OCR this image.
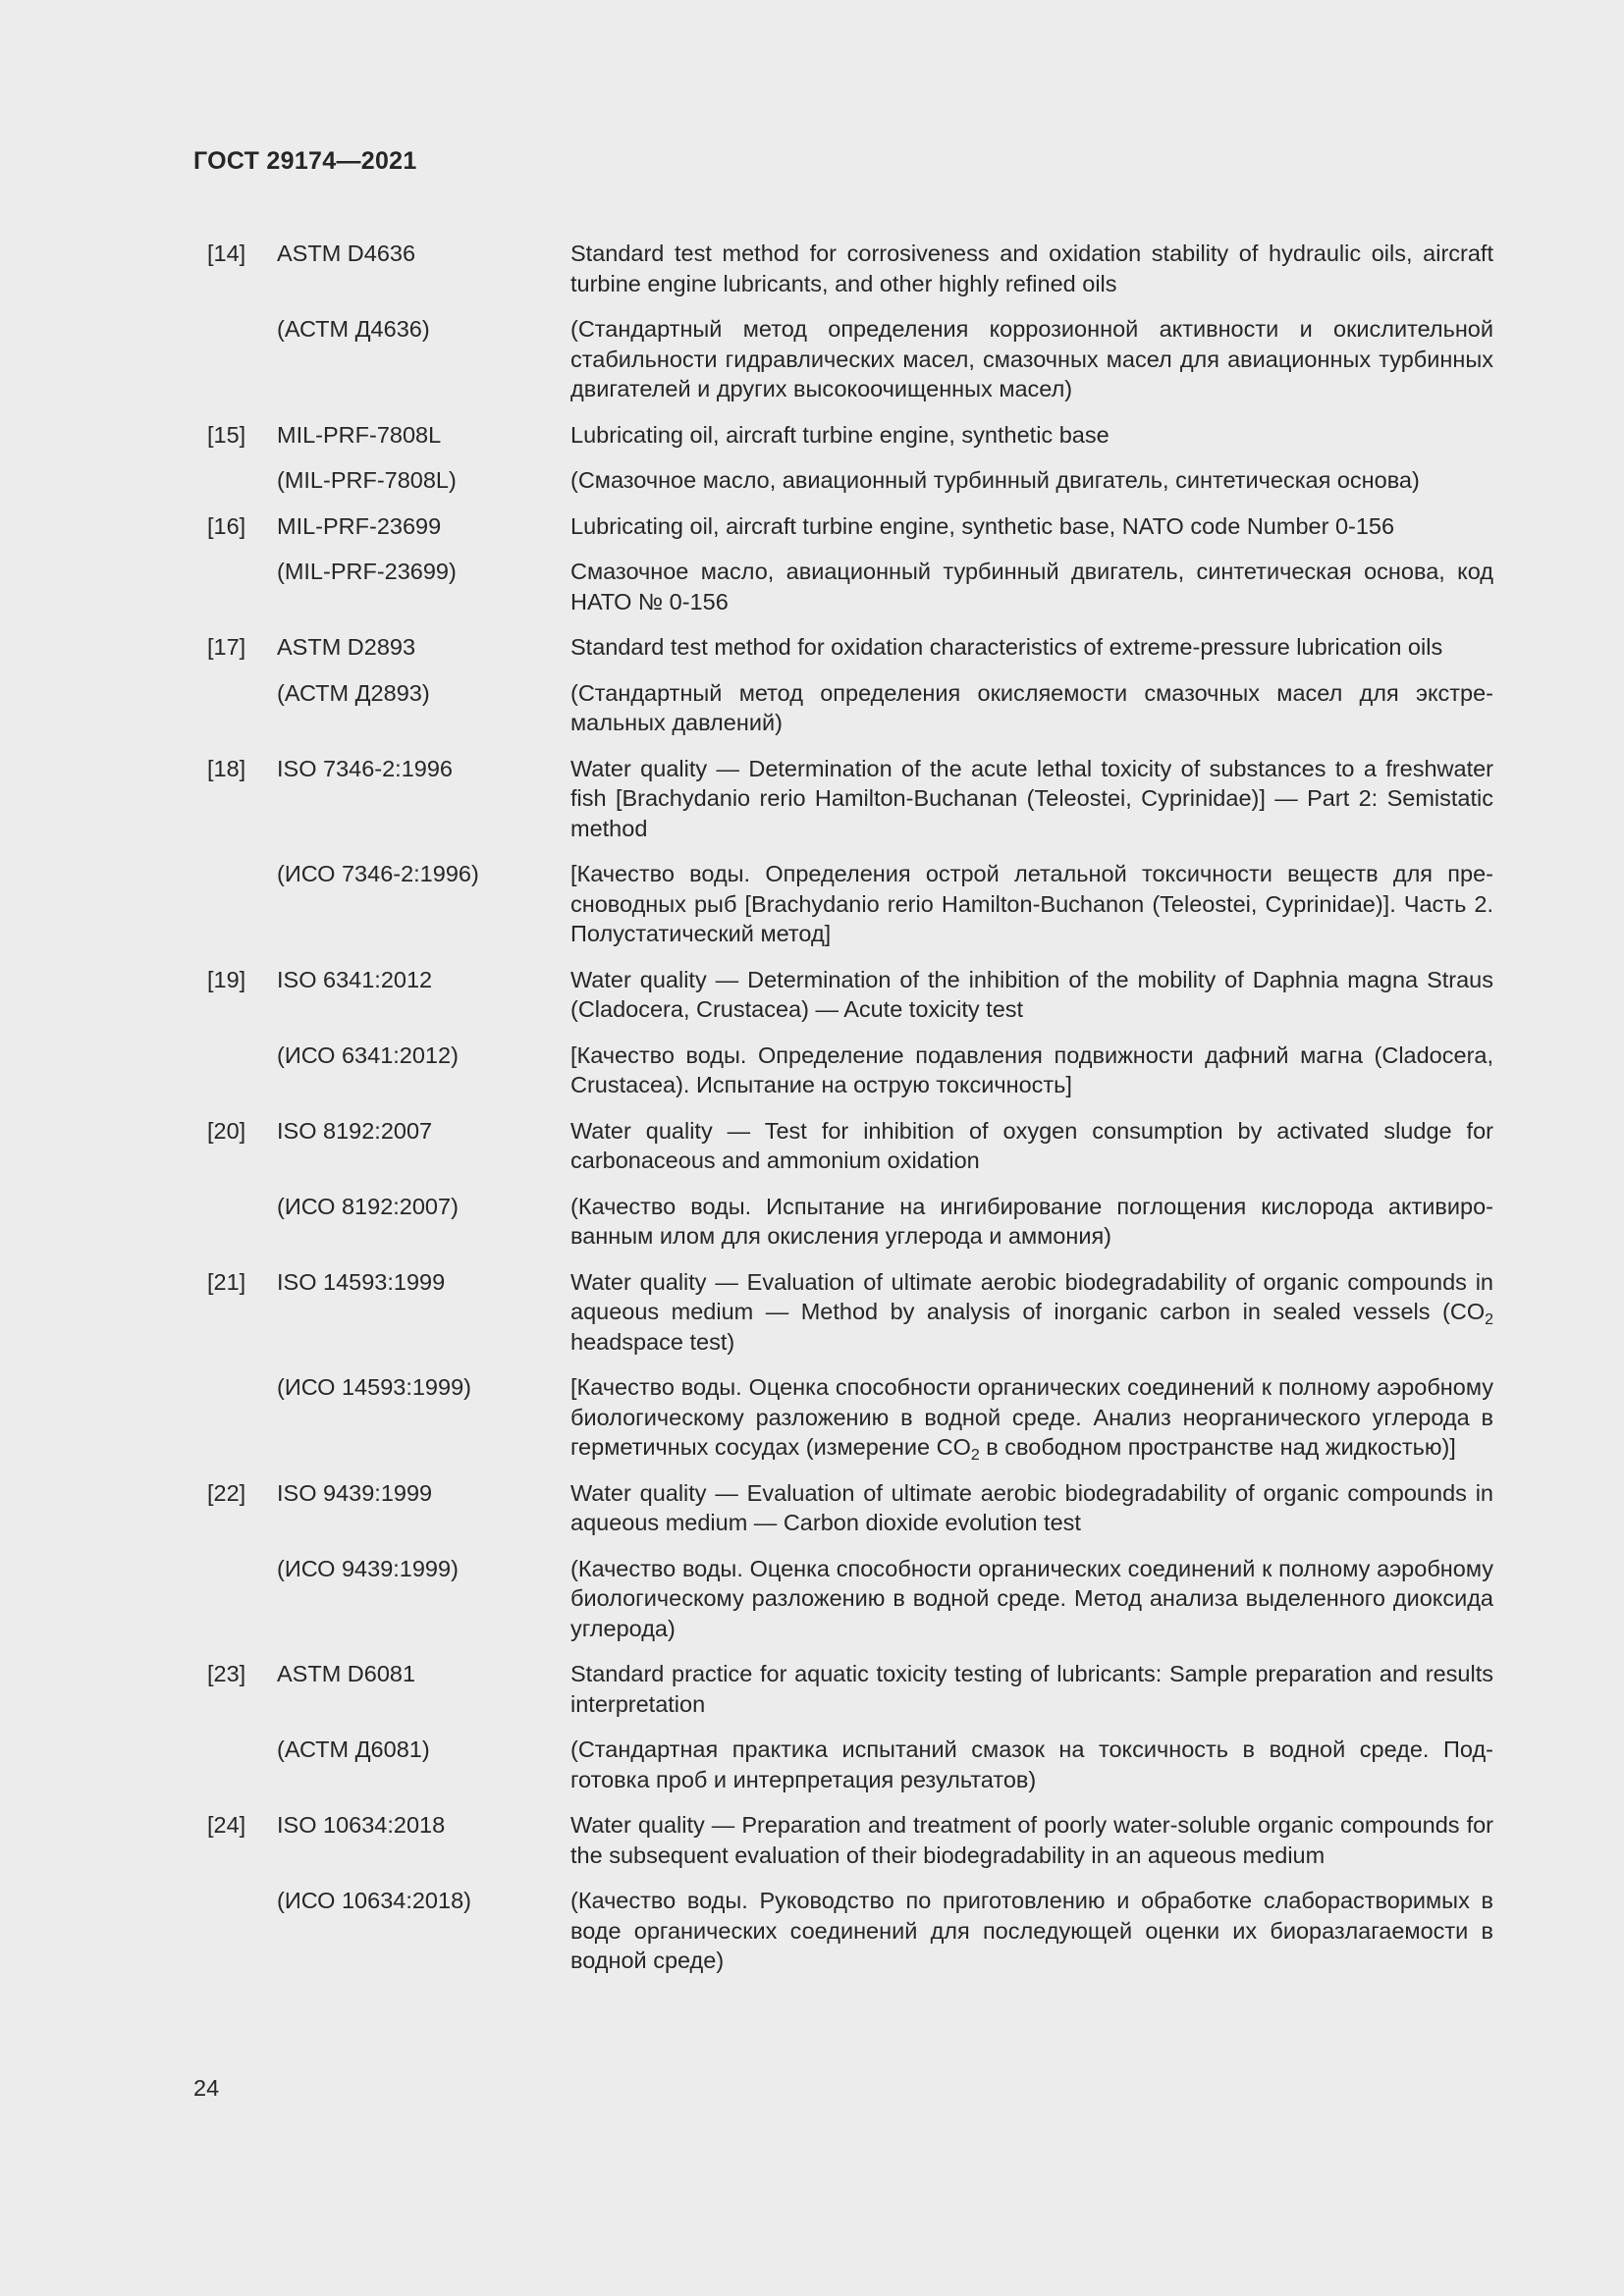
ГОСТ 29174—2021
[14]	ASTM D4636	Standard test method for corrosiveness and oxidation stability of hydraulic oils, aircraft turbine engine lubricants, and other highly refined oils
(АСТМ Д4636)	(Стандартный метод определения коррозионной активности и окислительной стабильности гидравлических масел, смазочных масел для авиационных турбинных двигателей и других высокоочищенных масел)
[15]	MIL-PRF-7808L	Lubricating oil, aircraft turbine engine, synthetic base
(MIL-PRF-7808L)	(Смазочное масло, авиационный турбинный двигатель, синтетическая основа)
[16]	MIL-PRF-23699	Lubricating oil, aircraft turbine engine, synthetic base, NATO code Number 0-156
(MIL-PRF-23699)	Смазочное масло, авиационный турбинный двигатель, синтетическая основа, код НАТО № 0-156
[17]	ASTM D2893	Standard test method for oxidation characteristics of extreme-pressure lubrication oils
(АСТМ Д2893)	(Стандартный метод определения окисляемости смазочных масел для экстремальных давлений)
[18]	ISO 7346-2:1996	Water quality — Determination of the acute lethal toxicity of substances to a freshwater fish [Brachydanio rerio Hamilton-Buchanan (Teleostei, Cyprinidae)] — Part 2: Semistatic method
(ИСО 7346-2:1996)	[Качество воды. Определения острой летальной токсичности веществ для пресноводных рыб [Brachydanio rerio Hamilton-Buchanon (Teleostei, Cyprinidae)]. Часть 2. Полустатический метод]
[19]	ISO 6341:2012	Water quality — Determination of the inhibition of the mobility of Daphnia magna Straus (Cladocera, Crustacea) — Acute toxicity test
(ИСО 6341:2012)	[Качество воды. Определение подавления подвижности дафний магна (Cladocera, Crustacea). Испытание на острую токсичность]
[20]	ISO 8192:2007	Water quality — Test for inhibition of oxygen consumption by activated sludge for carbonaceous and ammonium oxidation
(ИСО 8192:2007)	(Качество воды. Испытание на ингибирование поглощения кислорода активированным илом для окисления углерода и аммония)
[21]	ISO 14593:1999	Water quality — Evaluation of ultimate aerobic biodegradability of organic compounds in aqueous medium — Method by analysis of inorganic carbon in sealed vessels ($CO_2$ headspace test)
(ИСО 14593:1999)	[Качество воды. Оценка способности органических соединений к полному аэробному биологическому разложению в водной среде. Анализ неорганического углерода в герметичных сосудах (измерение $CO_2$ в свободном пространстве над жидкостью)]
[22]	ISO 9439:1999	Water quality — Evaluation of ultimate aerobic biodegradability of organic compounds in aqueous medium — Carbon dioxide evolution test
(ИСО 9439:1999)	(Качество воды. Оценка способности органических соединений к полному аэробному биологическому разложению в водной среде. Метод анализа выделенного диоксида углерода)
[23]	ASTM D6081	Standard practice for aquatic toxicity testing of lubricants: Sample preparation and results interpretation
(АСТМ Д6081)	(Стандартная практика испытаний смазок на токсичность в водной среде. Подготовка проб и интерпретация результатов)
[24]	ISO 10634:2018	Water quality — Preparation and treatment of poorly water-soluble organic compounds for the subsequent evaluation of their biodegradability in an aqueous medium
(ИСО 10634:2018)	(Качество воды. Руководство по приготовлению и обработке слаборастворимых в воде органических соединений для последующей оценки их биоразлагаемости в водной среде)
24
